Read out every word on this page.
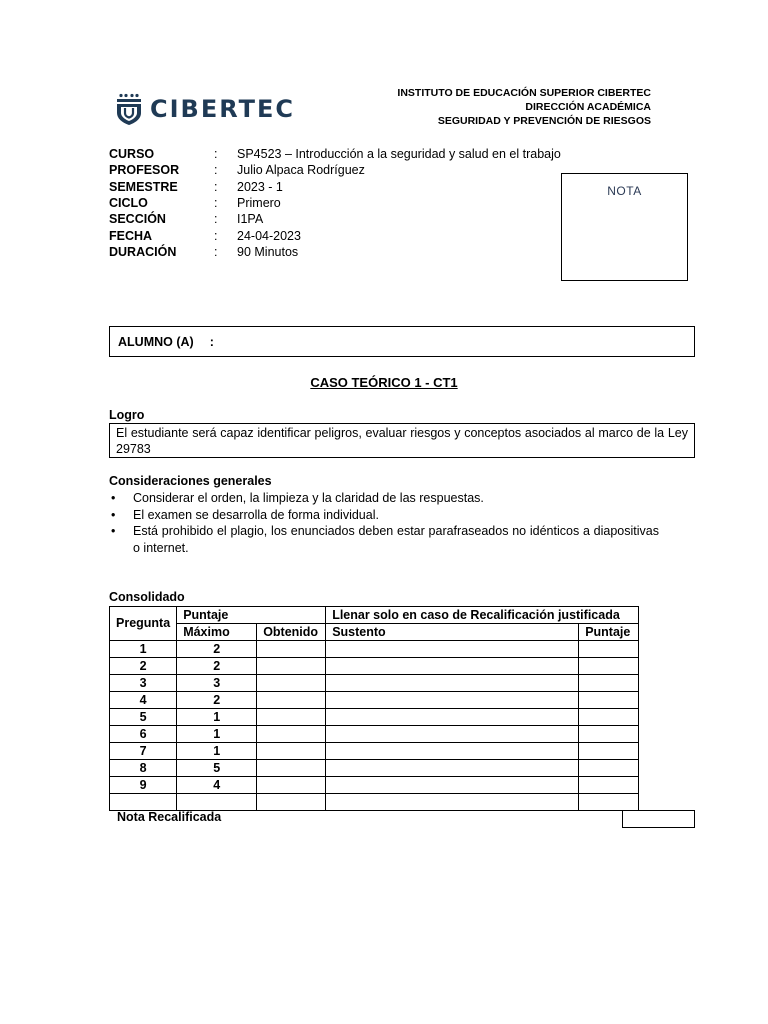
CIBERTEC
INSTITUTO DE EDUCACIÓN SUPERIOR CIBERTEC
DIRECCIÓN ACADÉMICA
SEGURIDAD Y PREVENCIÓN DE RIESGOS
CURSO	:	SP4523 – Introducción a la seguridad y salud en el trabajo
PROFESOR	:	Julio Alpaca Rodríguez
SEMESTRE	:	2023 - 1
CICLO	:	Primero
SECCIÓN	:	I1PA
FECHA	:	24-04-2023
DURACIÓN	:	90 Minutos
NOTA
ALUMNO (A) :
CASO TEÓRICO 1 - CT1
Logro
El estudiante será capaz identificar peligros, evaluar riesgos y conceptos asociados al marco de la Ley 29783
Consideraciones generales
• Considerar el orden, la limpieza y la claridad de las respuestas.
• El examen se desarrolla de forma individual.
• Está prohibido el plagio, los enunciados deben estar parafraseados no idénticos a diapositivas o internet.
Consolidado
Pregunta	Puntaje		Llenar solo en caso de Recalificación justificada	
	Máximo	Obtenido	Sustento	Puntaje
1	2			
2	2			
3	3			
4	2			
5	1			
6	1			
7	1			
8	5			
9	4			

Nota Recalificada
